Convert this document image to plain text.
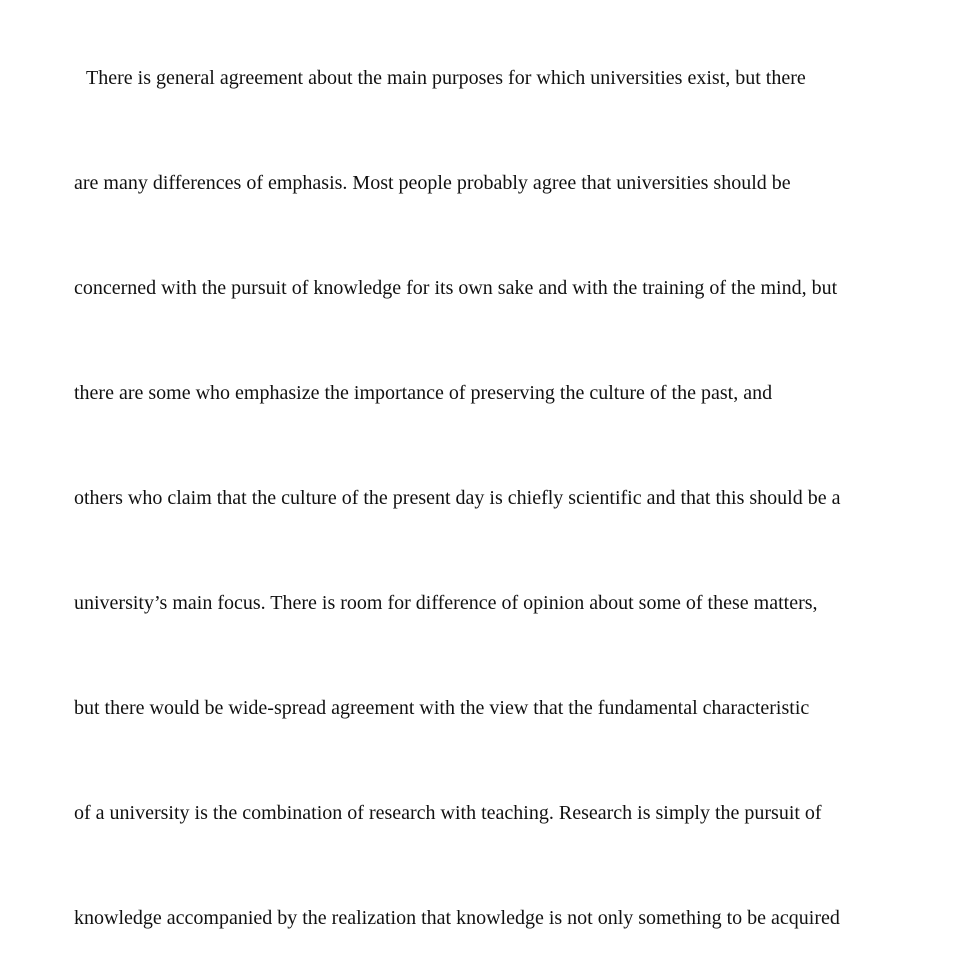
There is general agreement about the main purposes for which universities exist, but there

are many differences of emphasis. Most people probably agree that universities should be

concerned with the pursuit of knowledge for its own sake and with the training of the mind, but

there are some who emphasize the importance of preserving the culture of the past, and

others who claim that the culture of the present day is chiefly scientific and that this should be a

university’s main focus. There is room for difference of opinion about some of these matters,

but there would be wide-spread agreement with the view that the fundamental characteristic

of a university is the combination of research with teaching. Research is simply the pursuit of

knowledge accompanied by the realization that knowledge is not only something to be acquired
